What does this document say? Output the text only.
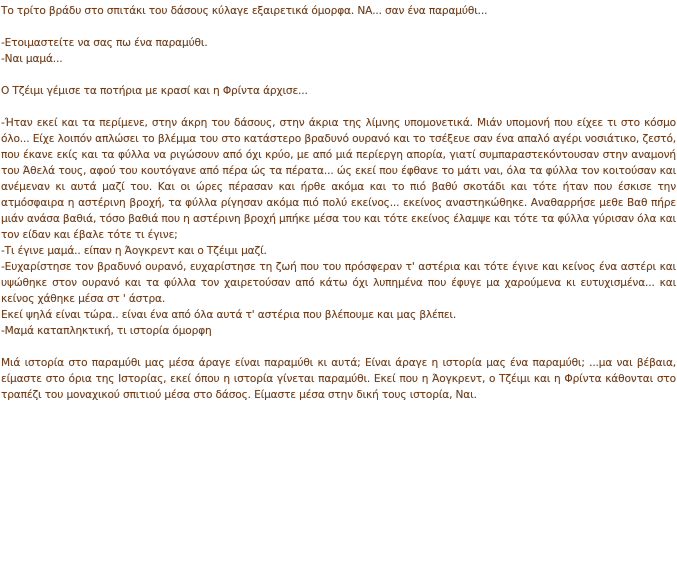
Το τρίτο βράδυ στο σπιτάκι του δάσους κύλαγε εξαιρετικά όμορφα. ΝΑ... σαν ένα παραμύθι...

-Ετοιμαστείτε να σας πω ένα παραμύθι.

-Ναι μαμά...

Ο Τζέιμι γέμισε τα ποτήρια με κρασί και η Φρίντα άρχισε...

-Ήταν εκεί και τα περίμενε, στην άκρη του δάσους, στην άκρια της λίμνης υπομονετικά. Μιάν υπομονή που είχεε τι στο κόσμο όλο... Είχε λοιπόν απλώσει το βλέμμα του στο κατάστερο βραδυνό ουρανό και το τσέξευε σαν ένα απαλό αγέρι νοσιάτικο, ζεστό, που έκανε εκίς και τα φύλλα να ριγώσουν από όχι κρύο, με από μιά περίεργη απορία, γιατί συμπαραστεκόντουσαν στην αναμονή του Άθελά τους, αφού του κουτόγανε από πέρα ώς τα πέρατα... ώς εκεί που έφθανε το μάτι ναι, όλα τα φύλλα τον κοιτούσαν και ανέμεναν κι αυτά μαζί του. Και οι ώρες πέρασαν και ήρθε ακόμα και το πιό βαθύ σκοτάδι και τότε ήταν που έσκισε την ατμόσφαιρα η αστέρινη βροχή, τα φύλλα ρίγησαν ακόμα πιό πολύ εκείνος... εκείνος αναστηκώθηκε. Αναθαρρήσε μεθε Βαθ πήρε μιάν ανάσα βαθιά, τόσο βαθιά που η αστέρινη βροχή μπήκε μέσα του και τότε εκείνος έλαμψε και τότε τα φύλλα γύρισαν όλα και τον είδαν και έβαλε τότε τι έγινε;

-Τι έγινε μαμά.. είπαν η Άογκρεντ και ο Τζέιμι μαζί.

-Ευχαρίστησε τον βραδυνό ουρανό, ευχαρίστησε τη ζωή που του πρόσφεραν τ' αστέρια και τότε έγινε και κείνος ένα αστέρι και υψώθηκε στον ουρανό και τα φύλλα τον χαιρετούσαν από κάτω όχι λυπημένα που έφυγε μα χαρούμενα κι ευτυχισμένα... και κείνος χάθηκε μέσα στ ' άστρα.

Εκεί ψηλά είναι τώρα.. είναι ένα από όλα αυτά τ' αστέρια που βλέπουμε και μας βλέπει.

-Μαμά καταπληκτική, τι ιστορία όμορφη

Μιά ιστορία στο παραμύθι μας μέσα άραγε είναι παραμύθι κι αυτά; Είναι άραγε η ιστορία μας ένα παραμύθι; ...μα ναι βέβαια, είμαστε στο όρια της Ιστορίας, εκεί όπου η ιστορία γίνεται παραμύθι. Εκεί που η Άογκρεντ, ο Τζέιμι και η Φρίντα κάθονται στο τραπέζι του μοναχικού σπιτιού μέσα στο δάσος. Είμαστε μέσα στην δική τους ιστορία, Ναι.
